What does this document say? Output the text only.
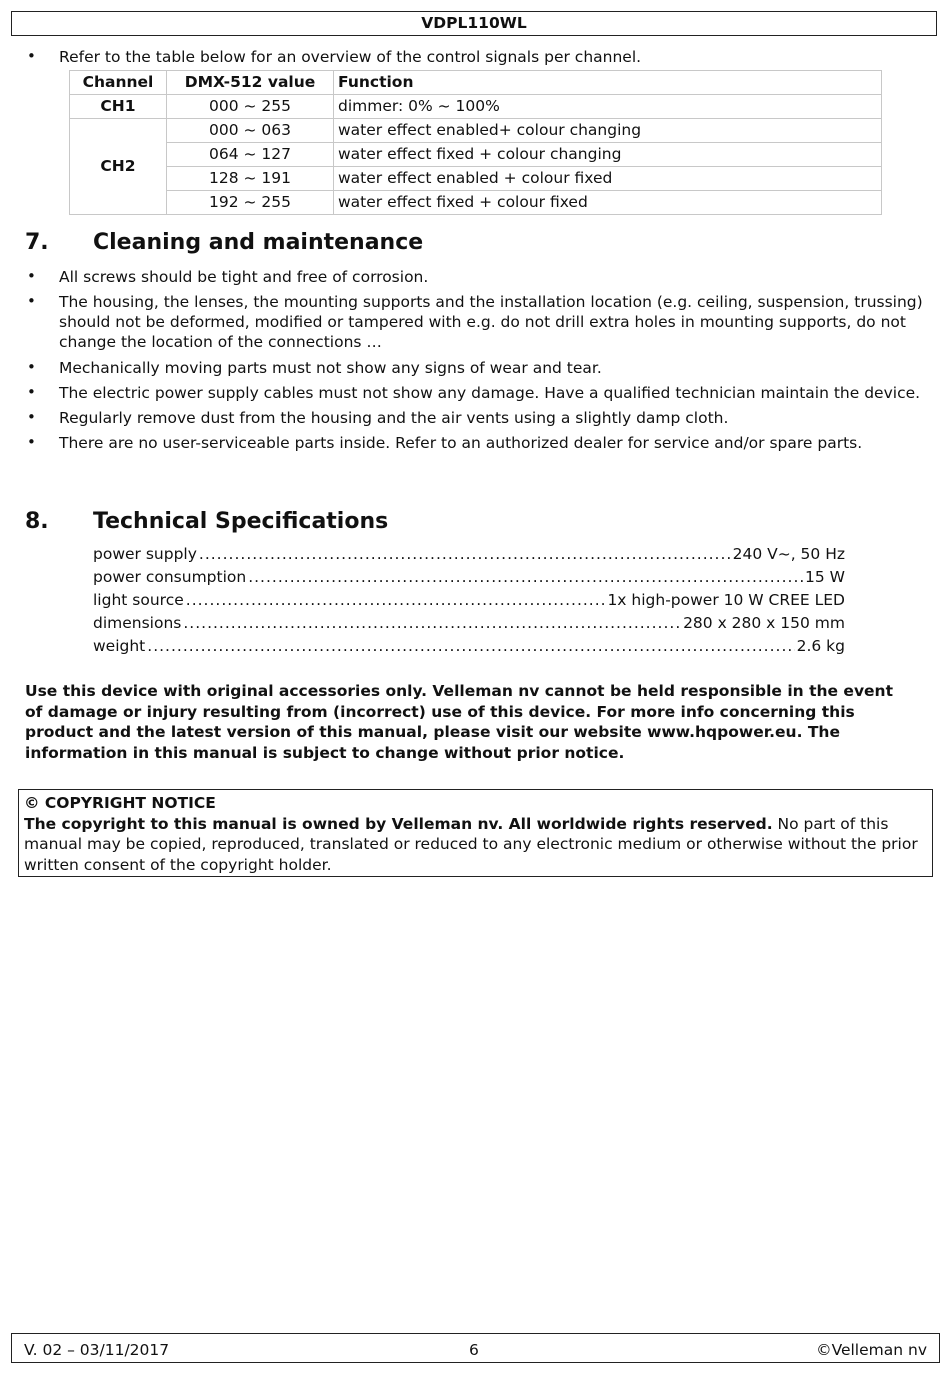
VDPL110WL
• Refer to the table below for an overview of the control signals per channel.
Channel	DMX-512 value	Function
CH1	000 ~ 255	dimmer: 0% ~ 100%
CH2	000 ~ 063	water effect enabled+ colour changing
	064 ~ 127	water effect fixed + colour changing
	128 ~ 191	water effect enabled + colour fixed
	192 ~ 255	water effect fixed + colour fixed
7. Cleaning and maintenance
• All screws should be tight and free of corrosion.
• The housing, the lenses, the mounting supports and the installation location (e.g. ceiling, suspension, trussing) should not be deformed, modified or tampered with e.g. do not drill extra holes in mounting supports, do not change the location of the connections …
• Mechanically moving parts must not show any signs of wear and tear.
• The electric power supply cables must not show any damage. Have a qualified technician maintain the device.
• Regularly remove dust from the housing and the air vents using a slightly damp cloth.
• There are no user-serviceable parts inside. Refer to an authorized dealer for service and/or spare parts.
8. Technical Specifications
power supply .....	240 V~, 50 Hz
power consumption .....	15 W
light source .....	1x high-power 10 W CREE LED
dimensions .....	280 x 280 x 150 mm
weight .....	2.6 kg
Use this device with original accessories only. Velleman nv cannot be held responsible in the event of damage or injury resulting from (incorrect) use of this device. For more info concerning this product and the latest version of this manual, please visit our website www.hqpower.eu. The information in this manual is subject to change without prior notice.
© COPYRIGHT NOTICE
The copyright to this manual is owned by Velleman nv. All worldwide rights reserved. No part of this manual may be copied, reproduced, translated or reduced to any electronic medium or otherwise without the prior written consent of the copyright holder.
V. 02 – 03/11/2017	6	©Velleman nv
